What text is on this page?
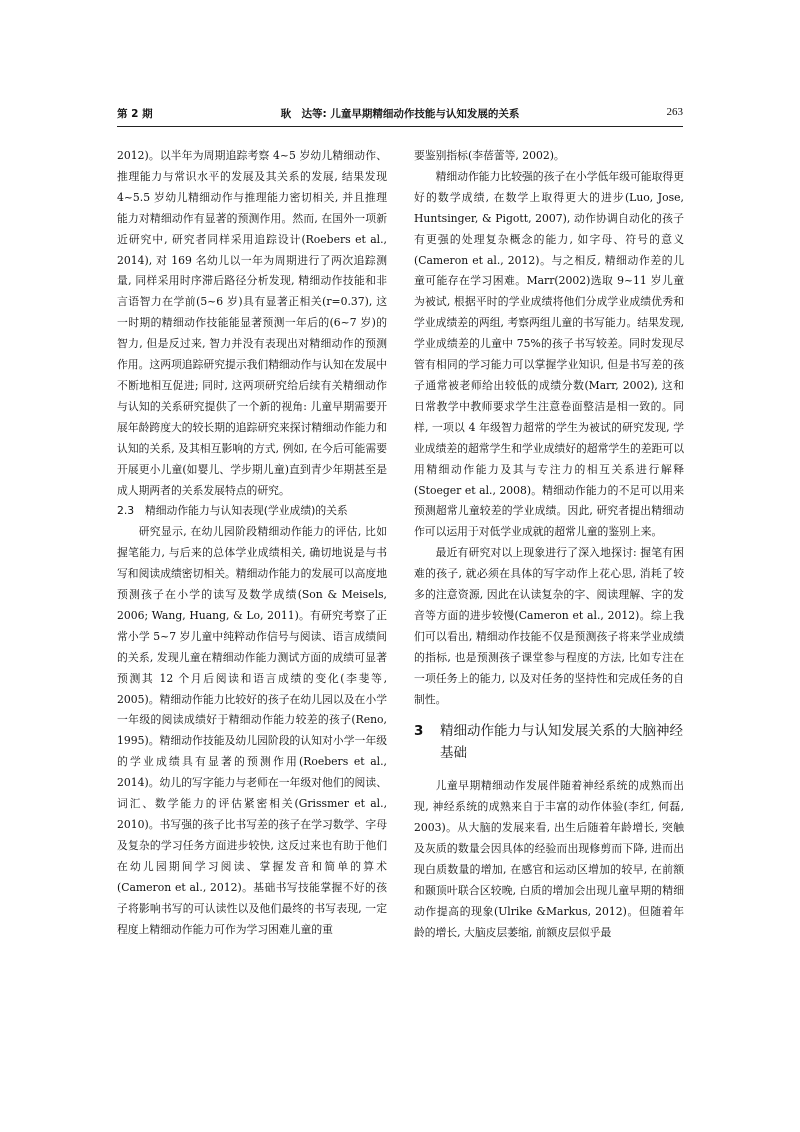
第 2 期	耿　达等: 儿童早期精细动作技能与认知发展的关系	263

2012)。以半年为周期追踪考察 4~5 岁幼儿精细动作、推理能力与常识水平的发展及其关系的发展, 结果发现 4~5.5 岁幼儿精细动作与推理能力密切相关, 并且推理能力对精细动作有显著的预测作用。然而, 在国外一项新近研究中, 研究者同样采用追踪设计(Roebers et al., 2014), 对 169 名幼儿以一年为周期进行了两次追踪测量, 同样采用时序滞后路径分析发现, 精细动作技能和非言语智力在学前(5~6 岁)具有显著正相关(r=0.37), 这一时期的精细动作技能能显著预测一年后的(6~7 岁)的智力, 但是反过来, 智力并没有表现出对精细动作的预测作用。这两项追踪研究提示我们精细动作与认知在发展中不断地相互促进; 同时, 这两项研究给后续有关精细动作与认知的关系研究提供了一个新的视角: 儿童早期需要开展年龄跨度大的较长期的追踪研究来探讨精细动作能力和认知的关系, 及其相互影响的方式, 例如, 在今后可能需要开展更小儿童(如婴儿、学步期儿童)直到青少年期甚至是成人期两者的关系发展特点的研究。

2.3　精细动作能力与认知表现(学业成绩)的关系

研究显示, 在幼儿园阶段精细动作能力的评估, 比如握笔能力, 与后来的总体学业成绩相关, 确切地说是与书写和阅读成绩密切相关。精细动作能力的发展可以高度地预测孩子在小学的读写及数学成绩(Son & Meisels, 2006; Wang, Huang, & Lo, 2011)。有研究考察了正常小学 5~7 岁儿童中纯粹动作信号与阅读、语言成绩间的关系, 发现儿童在精细动作能力测试方面的成绩可显著预测其 12 个月后阅读和语言成绩的变化(李斐等, 2005)。精细动作能力比较好的孩子在幼儿园以及在小学一年级的阅读成绩好于精细动作能力较差的孩子(Reno, 1995)。精细动作技能及幼儿园阶段的认知对小学一年级的学业成绩具有显著的预测作用(Roebers et al., 2014)。幼儿的写字能力与老师在一年级对他们的阅读、词汇、数学能力的评估紧密相关(Grissmer et al., 2010)。书写强的孩子比书写差的孩子在学习数学、字母及复杂的学习任务方面进步较快, 这反过来也有助于他们在幼儿园期间学习阅读、掌握发音和简单的算术(Cameron et al., 2012)。基础书写技能掌握不好的孩子将影响书写的可认读性以及他们最终的书写表现, 一定程度上精细动作能力可作为学习困难儿童的重

要鉴别指标(李蓓蕾等, 2002)。

精细动作能力比较强的孩子在小学低年级可能取得更好的数学成绩, 在数学上取得更大的进步(Luo, Jose, Huntsinger, & Pigott, 2007), 动作协调自动化的孩子有更强的处理复杂概念的能力, 如字母、符号的意义(Cameron et al., 2012)。与之相反, 精细动作差的儿童可能存在学习困难。Marr(2002)选取 9~11 岁儿童为被试, 根据平时的学业成绩将他们分成学业成绩优秀和学业成绩差的两组, 考察两组儿童的书写能力。结果发现, 学业成绩差的儿童中 75%的孩子书写较差。同时发现尽管有相同的学习能力可以掌握学业知识, 但是书写差的孩子通常被老师给出较低的成绩分数(Marr, 2002), 这和日常教学中教师要求学生注意卷面整洁是相一致的。同样, 一项以 4 年级智力超常的学生为被试的研究发现, 学业成绩差的超常学生和学业成绩好的超常学生的差距可以用精细动作能力及其与专注力的相互关系进行解释(Stoeger et al., 2008)。精细动作能力的不足可以用来预测超常儿童较差的学业成绩。因此, 研究者提出精细动作可以运用于对低学业成就的超常儿童的鉴别上来。

最近有研究对以上现象进行了深入地探讨: 握笔有困难的孩子, 就必须在具体的写字动作上花心思, 消耗了较多的注意资源, 因此在认读复杂的字、阅读理解、字的发音等方面的进步较慢(Cameron et al., 2012)。综上我们可以看出, 精细动作技能不仅是预测孩子将来学业成绩的指标, 也是预测孩子课堂参与程度的方法, 比如专注在一项任务上的能力, 以及对任务的坚持性和完成任务的自制性。

3 精细动作能力与认知发展关系的大脑神经基础

儿童早期精细动作发展伴随着神经系统的成熟而出现, 神经系统的成熟来自于丰富的动作体验(李红, 何磊, 2003)。从大脑的发展来看, 出生后随着年龄增长, 突触及灰质的数量会因具体的经验而出现修剪而下降, 进而出现白质数量的增加, 在感官和运动区增加的较早, 在前额和颞顶叶联合区较晚, 白质的增加会出现儿童早期的精细动作提高的现象(Ulrike &Markus, 2012)。但随着年龄的增长, 大脑皮层萎缩, 前额皮层似乎最
